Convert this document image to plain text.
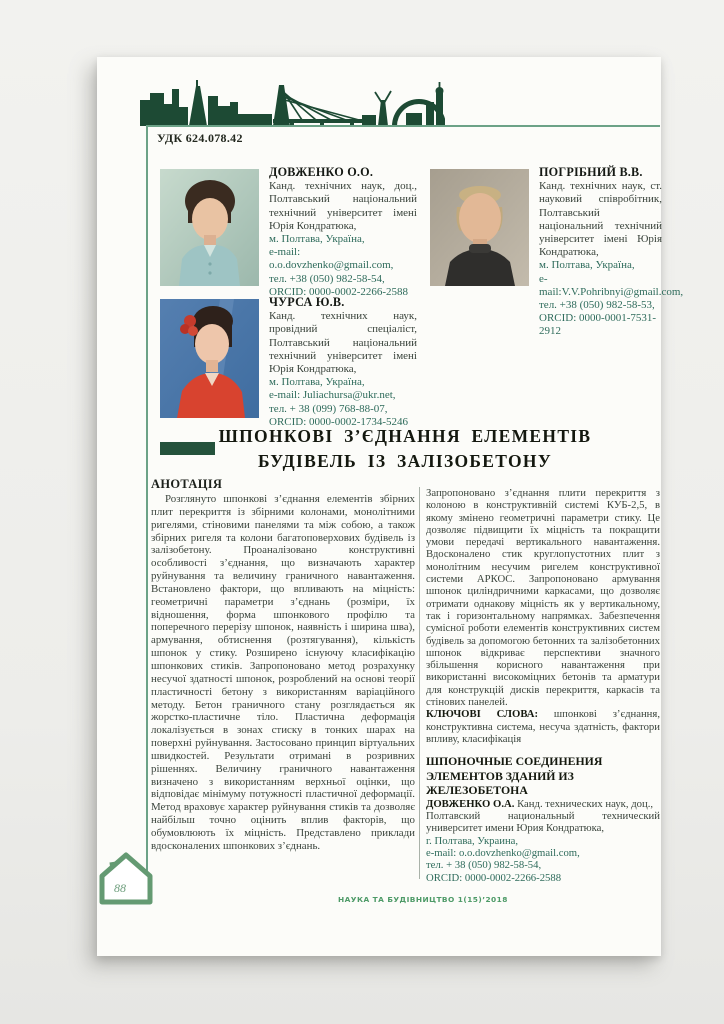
УДК 624.078.42
ДОВЖЕНКО О.О.
Канд. технічних наук, доц., Полтавський національний технічний університет імені Юрія Кондратюка,
м. Полтава, Україна,
e-mail: o.o.dovzhenko@gmail.com,
тел. +38 (050) 982-58-54,
ORCID: 0000-0002-2266-2588
ПОГРІБНИЙ В.В.
Канд. технічних наук, ст. науковий співробітник, Полтавський національний технічний університет імені Юрія Кондратюка,
м. Полтава, Україна,
e-mail:V.V.Pohribnyi@gmail.com,
тел. +38 (050) 982-58-53,
ORCID: 0000-0001-7531-2912
ЧУРСА Ю.В.
Канд. технічних наук, провідний спеціаліст, Полтавський національний технічний університет імені Юрія Кондратюка,
м. Полтава, Україна,
e-mail: Juliachursa@ukr.net,
тел. + 38 (099) 768-88-07,
ORCID: 0000-0002-1734-5246
ШПОНКОВІ З’ЄДНАННЯ ЕЛЕМЕНТІВ
БУДІВЕЛЬ ІЗ ЗАЛІЗОБЕТОНУ
АНОТАЦІЯ

Розглянуто шпонкові з’єднання елементів збірних плит перекриття із збірними колонами, монолітними ригелями, стіновими панелями та між собою, а також збірних ригеля та колони багатоповерхових будівель із залізобетону. Проаналізовано конструктивні особливості з’єднання, що визначають характер руйнування та величину граничного навантаження. Встановлено фактори, що впливають на міцність: геометричні параметри з’єднань (розміри, їх відношення, форма шпонкового профілю та поперечного перерізу шпонок, наявність і ширина шва), армування, обтиснення (розтягування), кількість шпонок у стику. Розширено існуючу класифікацію шпонкових стиків. Запропоновано метод розрахунку несучої здатності шпонок, розроблений на основі теорії пластичності бетону з використанням варіаційного методу. Бетон граничного стану розглядається як жорстко-пластичне тіло. Пластична деформація локалізується в зонах стиску в тонких шарах на поверхні руйнування. Застосовано принцип віртуальних швидкостей. Результати отримані в розривних рішеннях. Величину граничного навантаження визначено з використанням верхньої оцінки, що відповідає мінімуму потужності пластичної деформації. Метод враховує характер руйнування стиків та дозволяє найбільш точно оцінить вплив факторів, що обумовлюють їх міцність. Представлено приклади вдосконалених шпонкових з’єднань.

Запропоновано з’єднання плити перекриття з колоною в конструктивній системі КУБ-2,5, в якому змінено геометричні параметри стику. Це дозволяє підвищити їх міцність та покращити умови передачі вертикального навантаження. Вдосконалено стик круглопустотних плит з монолітним несучим ригелем конструктивної системи АРКОС. Запропоновано армування шпонок циліндричними каркасами, що дозволяє отримати однакову міцність як у вертикальному, так і горизонтальному напрямках. Забезпечення сумісної роботи елементів конструктивних систем будівель за допомогою бетонних та залізобетонних шпонок відкриває перспективи значного збільшення корисного навантаження при використанні високоміцних бетонів та арматури для конструкцій дисків перекриття, каркасів та стінових панелей.

КЛЮЧОВІ СЛОВА: шпонкові з’єднання, конструктивна система, несуча здатність, фактори впливу, класифікація

ШПОНОЧНЫЕ СОЕДИНЕНИЯ ЭЛЕМЕНТОВ ЗДАНИЙ ИЗ ЖЕЛЕЗОБЕТОНА

ДОВЖЕНКО О.А. Канд. технических наук, доц.,

Полтавский национальный технический университет имени Юрия Кондратюка,

г. Полтава, Украина,
e-mail: o.o.dovzhenko@gmail.com,
тел. + 38 (050) 982-58-54,
ORCID: 0000-0002-2266-2588
НАУКА ТА БУДІВНИЦТВО 1(15)’2018
88
